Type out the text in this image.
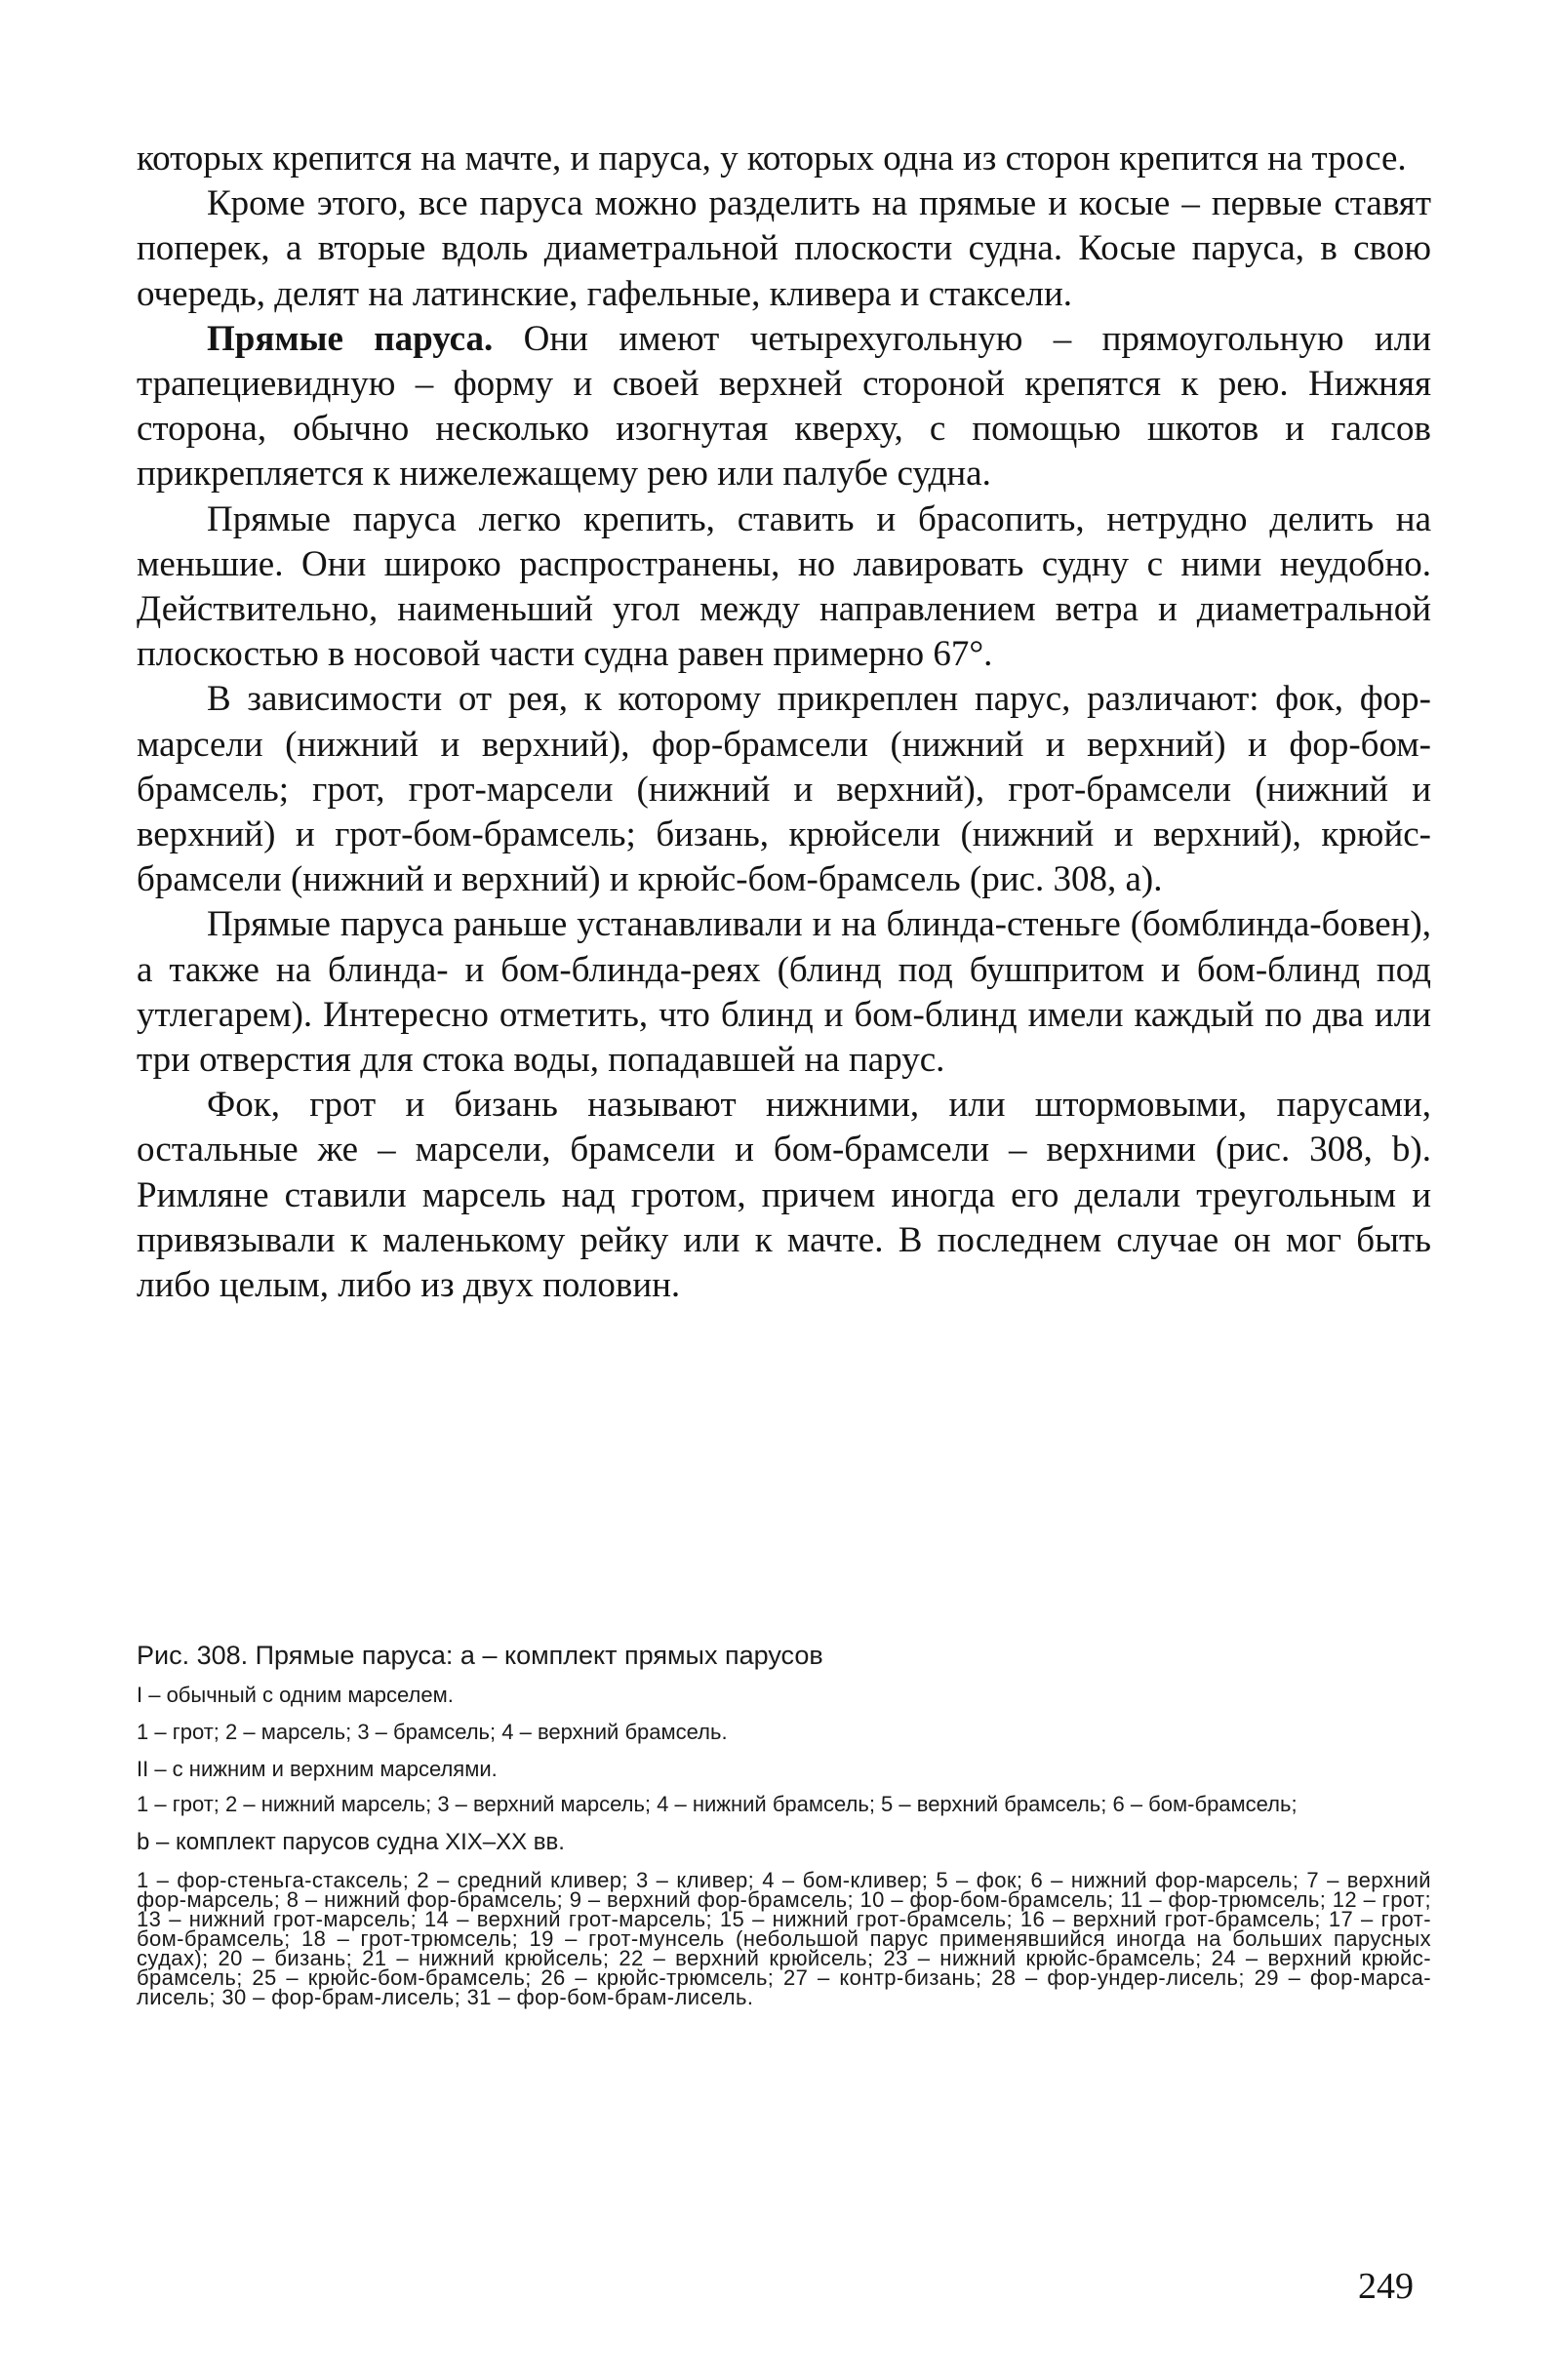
которых крепится на мачте, и паруса, у которых одна из сторон крепится на тросе.

Кроме этого, все паруса можно разделить на прямые и косые – первые ставят поперек, а вторые вдоль диаметральной плоскости судна. Косые паруса, в свою очередь, делят на латинские, гафельные, кливера и стаксели.

Прямые паруса. Они имеют четырехугольную – прямоугольную или трапециевидную – форму и своей верхней стороной крепятся к рею. Нижняя сторона, обычно несколько изогнутая кверху, с помощью шкотов и галсов прикрепляется к нижележащему рею или палубе судна.

Прямые паруса легко крепить, ставить и брасопить, нетрудно делить на меньшие. Они широко распространены, но лавировать судну с ними неудобно. Действительно, наименьший угол между направлением ветра и диаметральной плоскостью в носовой части судна равен примерно 67°.

В зависимости от рея, к которому прикреплен парус, различают: фок, фор-марсели (нижний и верхний), фор-брамсели (нижний и верхний) и фор-бом-брамсель; грот, грот-марсели (нижний и верхний), грот-брамсели (нижний и верхний) и грот-бом-брамсель; бизань, крюйсели (нижний и верхний), крюйс-брамсели (нижний и верхний) и крюйс-бом-брамсель (рис. 308, а).

Прямые паруса раньше устанавливали и на блинда-стеньге (бомблинда-бовен), а также на блинда- и бом-блинда-реях (блинд под бушпритом и бом-блинд под утлегарем). Интересно отметить, что блинд и бом-блинд имели каждый по два или три отверстия для стока воды, попадавшей на парус.

Фок, грот и бизань называют нижними, или штормовыми, парусами, остальные же – марсели, брамсели и бом-брамсели – верхними (рис. 308, b). Римляне ставили марсель над гротом, причем иногда его делали треугольным и привязывали к маленькому рейку или к мачте. В последнем случае он мог быть либо целым, либо из двух половин.

Рис. 308. Прямые паруса: а – комплект прямых парусов
I – обычный с одним марселем.
1 – грот; 2 – марсель; 3 – брамсель; 4 – верхний брамсель.
II – с нижним и верхним марселями.
1 – грот; 2 – нижний марсель; 3 – верхний марсель; 4 – нижний брамсель; 5 – верхний брамсель; 6 – бом-брамсель;
b – комплект парусов судна XIX–XX вв.
1 – фор-стеньга-стаксель; 2 – средний кливер; 3 – кливер; 4 – бом-кливер; 5 – фок; 6 – нижний фор-марсель; 7 – верхний фор-марсель; 8 – нижний фор-брамсель; 9 – верхний фор-брамсель; 10 – фор-бом-брамсель; 11 – фор-трюмсель; 12 – грот; 13 – нижний грот-марсель; 14 – верхний грот-марсель; 15 – нижний грот-брамсель; 16 – верхний грот-брамсель; 17 – грот-бом-брамсель; 18 – грот-трюмсель; 19 – грот-мунсель (небольшой парус применявшийся иногда на больших парусных судах); 20 – бизань; 21 – нижний крюйсель; 22 – верхний крюйсель; 23 – нижний крюйс-брамсель; 24 – верхний крюйс-брамсель; 25 – крюйс-бом-брамсель; 26 – крюйс-трюмсель; 27 – контр-бизань; 28 – фор-ундер-лисель; 29 – фор-марса-лисель; 30 – фор-брам-лисель; 31 – фор-бом-брам-лисель.
249
